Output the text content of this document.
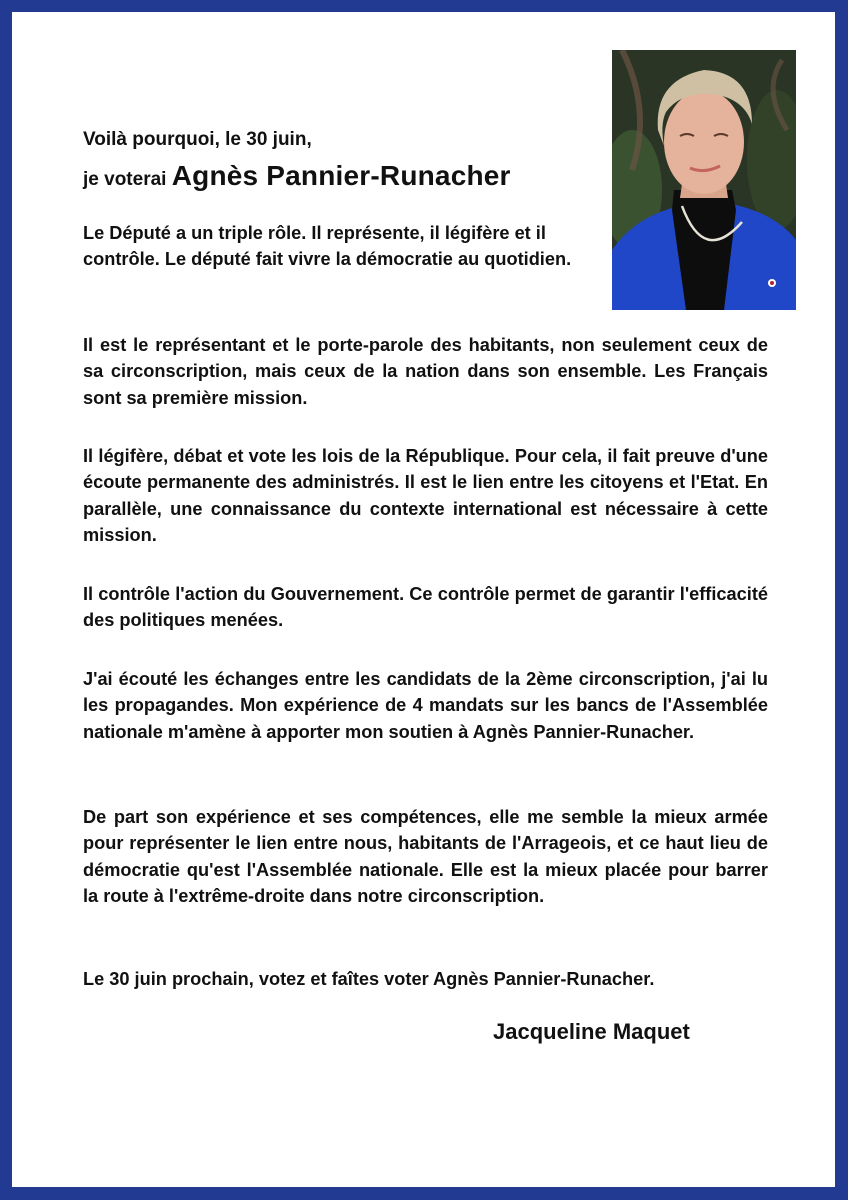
Voilà pourquoi, le 30 juin,
je voterai Agnès Pannier-Runacher

Le Député a un triple rôle. Il représente, il légifère et il contrôle. Le député fait vivre la démocratie au quotidien.

Il est le représentant et le porte-parole des habitants, non seulement ceux de sa circonscription, mais ceux de la nation dans son ensemble. Les Français sont sa première mission.

Il légifère, débat et vote les lois de la République. Pour cela, il fait preuve d'une écoute permanente des administrés. Il est le lien entre les citoyens et l'Etat. En parallèle, une connaissance du contexte international est nécessaire à cette mission.

Il contrôle l'action du Gouvernement. Ce contrôle permet de garantir l'efficacité des politiques menées.

J'ai écouté les échanges entre les candidats de la 2ème circonscription, j'ai lu les propagandes. Mon expérience de 4 mandats sur les bancs de l'Assemblée nationale m'amène à apporter mon soutien à Agnès Pannier-Runacher.

De part son expérience et ses compétences, elle me semble la mieux armée pour représenter le lien entre nous, habitants de l'Arrageois, et ce haut lieu de démocratie qu'est l'Assemblée nationale. Elle est la mieux placée pour barrer la route à l'extrême-droite dans notre circonscription.

Le 30 juin prochain, votez et faîtes voter Agnès Pannier-Runacher.

Jacqueline Maquet
